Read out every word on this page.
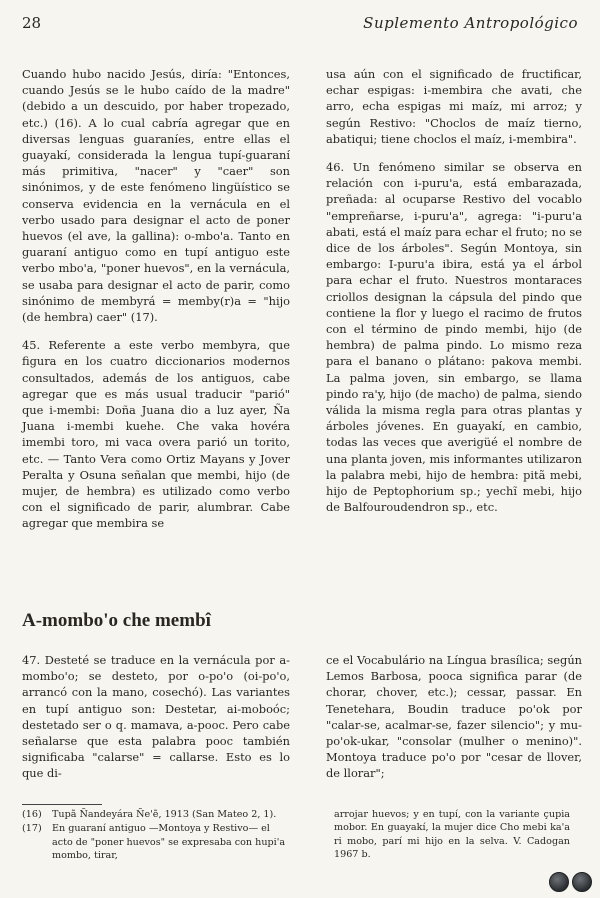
28	Suplemento Antropológico

Cuando hubo nacido Jesús, diría: "Entonces, cuando Jesús se le hubo caído de la madre" (debido a un descuido, por haber tropezado, etc.) (16). A lo cual cabría agregar que en diversas lenguas guaraníes, entre ellas el guayakí, considerada la lengua tupí-guaraní más primitiva, "nacer" y "caer" son sinónimos, y de este fenómeno lingüístico se conserva evidencia en la vernácula en el verbo usado para designar el acto de poner huevos (el ave, la gallina): o-mbo'a. Tanto en guaraní antiguo como en tupí antiguo este verbo mbo'a, "poner huevos", en la vernácula, se usaba para designar el acto de parir, como sinónimo de membyrá = memby(r)a = "hijo (de hembra) caer" (17).

45. Referente a este verbo membyra, que figura en los cuatro diccionarios modernos consultados, además de los antiguos, cabe agregar que es más usual traducir "parió" que i-membi: Doña Juana dio a luz ayer, Ña Juana i-membi kuehe. Che vaka hovéra imembi toro, mi vaca overa parió un torito, etc. — Tanto Vera como Ortiz Mayans y Jover Peralta y Osuna señalan que membi, hijo (de mujer, de hembra) es utilizado como verbo con el significado de parir, alumbrar. Cabe agregar que membira se

usa aún con el significado de fructificar, echar espigas: i-membira che avati, che arro, echa espigas mi maíz, mi arroz; y según Restivo: "Choclos de maíz tierno, abatiqui; tiene choclos el maíz, i-membira".

46. Un fenómeno similar se observa en relación con i-puru'a, está embarazada, preñada: al ocuparse Restivo del vocablo "empreñarse, i-puru'a", agrega: "i-puru'a abati, está el maíz para echar el fruto; no se dice de los árboles". Según Montoya, sin embargo: I-puru'a ibira, está ya el árbol para echar el fruto. Nuestros montaraces criollos designan la cápsula del pindo que contiene la flor y luego el racimo de frutos con el término de pindo membi, hijo (de hembra) de palma pindo. Lo mismo reza para el banano o plátano: pakova membi. La palma joven, sin embargo, se llama pindo ra'y, hijo (de macho) de palma, siendo válida la misma regla para otras plantas y árboles jóvenes. En guayakí, en cambio, todas las veces que averigüé el nombre de una planta joven, mis informantes utilizaron la palabra mebi, hijo de hembra: pitã mebi, hijo de Peptophorium sp.; yechĩ mebi, hijo de Balfouroudendron sp., etc.

A-mombo'o che membî

47. Desteté se traduce en la vernácula por a-mombo'o; se desteto, por o-po'o (oi-po'o, arrancó con la mano, cosechó). Las variantes en tupí antiguo son: Destetar, ai-moboóc; destetado ser o q. mamava, a-pooc. Pero cabe señalarse que esta palabra pooc también significaba "calarse" = callarse. Esto es lo que di-

ce el Vocabulário na Língua brasílica; según Lemos Barbosa, pooca significa parar (de chorar, chover, etc.); cessar, passar. En Tenetehara, Boudin traduce po'ok por "calar-se, acalmar-se, fazer silencio"; y mu-po'ok-ukar, "consolar (mulher o menino)". Montoya traduce po'o por "cesar de llover, de llorar";

(16)	Tupã Ñandeyára Ñe'ẽ, 1913 (San Mateo 2, 1).
(17)	En guaraní antiguo —Montoya y Restivo— el acto de "poner huevos" se expresaba con hupi'a mombo, tirar,
arrojar huevos; y en tupí, con la variante çupia mobor. En guayakí, la mujer dice Cho mebi ka'a ri mobo, parí mi hijo en la selva. V. Cadogan 1967 b.
